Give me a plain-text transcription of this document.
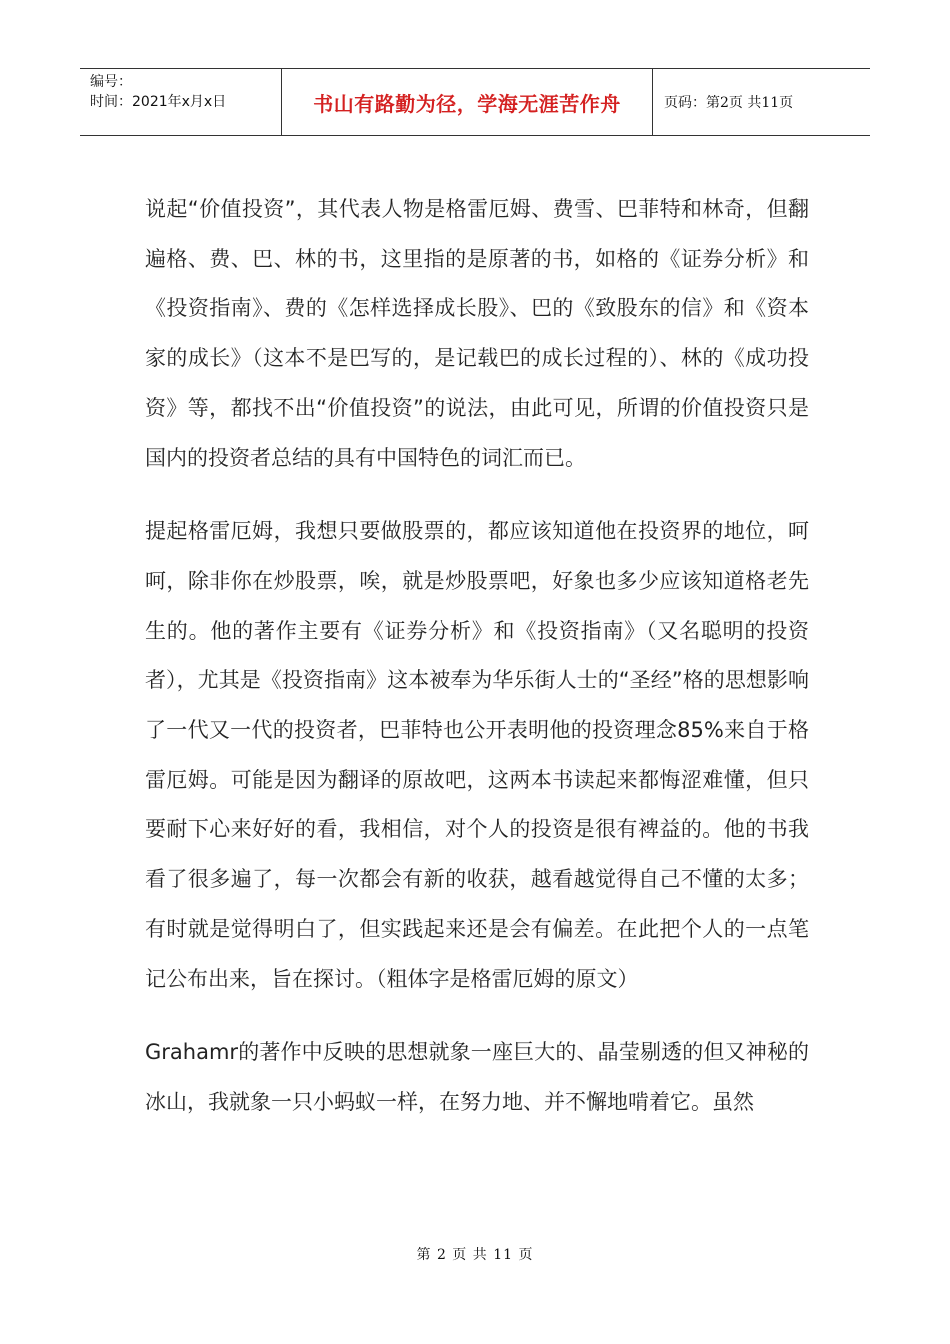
编号：
时间：2021年x月x日	书山有路勤为径，学海无涯苦作舟	页码：第2页 共11页

说起“价值投资”，其代表人物是格雷厄姆、费雪、巴菲特和林奇，但翻遍格、费、巴、林的书，这里指的是原著的书，如格的《证券分析》和《投资指南》、费的《怎样选择成长股》、巴的《致股东的信》和《资本家的成长》（这本不是巴写的，是记载巴的成长过程的）、林的《成功投资》等，都找不出“价值投资”的说法，由此可见，所谓的价值投资只是国内的投资者总结的具有中国特色的词汇而已。

提起格雷厄姆，我想只要做股票的，都应该知道他在投资界的地位，呵呵，除非你在炒股票，唉，就是炒股票吧，好象也多少应该知道格老先生的。他的著作主要有《证券分析》和《投资指南》（又名聪明的投资者），尤其是《投资指南》这本被奉为华乐街人士的“圣经”格的思想影响了一代又一代的投资者，巴菲特也公开表明他的投资理念85%来自于格雷厄姆。可能是因为翻译的原故吧，这两本书读起来都悔涩难懂，但只要耐下心来好好的看，我相信，对个人的投资是很有裨益的。他的书我看了很多遍了，每一次都会有新的收获，越看越觉得自己不懂的太多；有时就是觉得明白了，但实践起来还是会有偏差。在此把个人的一点笔记公布出来，旨在探讨。（粗体字是格雷厄姆的原文）

Grahamr的著作中反映的思想就象一座巨大的、晶莹剔透的但又神秘的冰山，我就象一只小蚂蚁一样，在努力地、并不懈地啃着它。虽然

第 2 页 共 11 页
